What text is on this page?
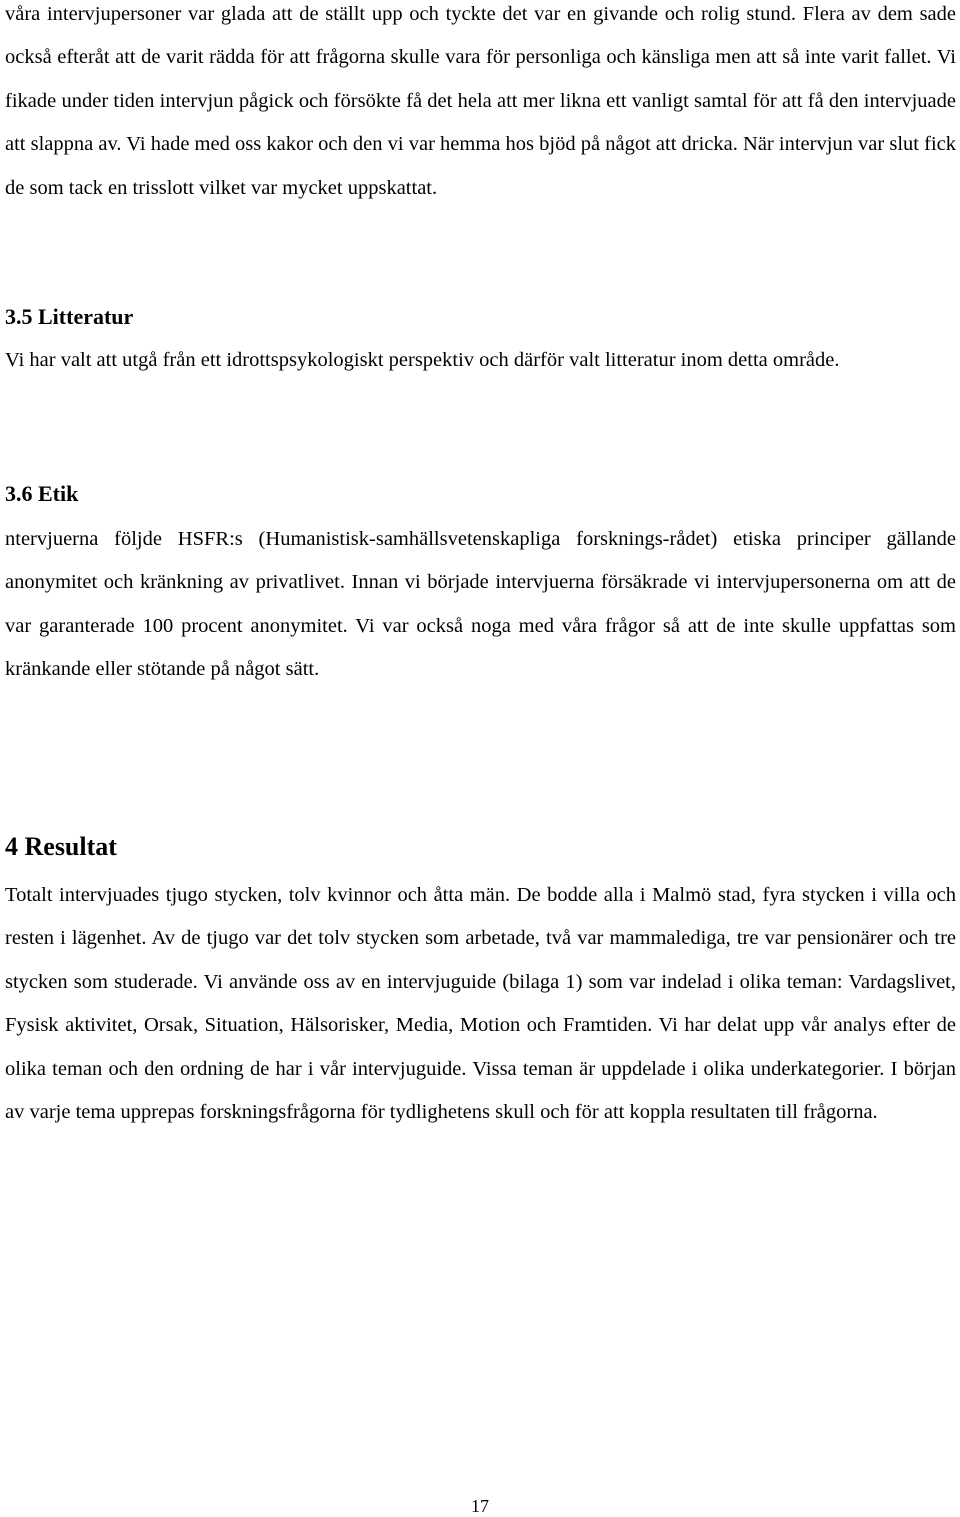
våra intervjupersoner var glada att de ställt upp och tyckte det var en givande och rolig stund. Flera av dem sade också efteråt att de varit rädda för att frågorna skulle vara för personliga och känsliga men att så inte varit fallet. Vi fikade under tiden intervjun pågick och försökte få det hela att mer likna ett vanligt samtal för att få den intervjuade att slappna av. Vi hade med oss kakor och den vi var hemma hos bjöd på något att dricka. När intervjun var slut fick de som tack en trisslott vilket var mycket uppskattat.

3.5 Litteratur

Vi har valt att utgå från ett idrottspsykologiskt perspektiv och därför valt litteratur inom detta område.

3.6 Etik

ntervjuerna följde HSFR:s (Humanistisk-samhällsvetenskapliga forsknings-rådet) etiska principer gällande anonymitet och kränkning av privatlivet. Innan vi började intervjuerna försäkrade vi intervjupersonerna om att de var garanterade 100 procent anonymitet. Vi var också noga med våra frågor så att de inte skulle uppfattas som kränkande eller stötande på något sätt.

4 Resultat

Totalt intervjuades tjugo stycken, tolv kvinnor och åtta män. De bodde alla i Malmö stad, fyra stycken i villa och resten i lägenhet. Av de tjugo var det tolv stycken som arbetade, två var mammalediga, tre var pensionärer och tre stycken som studerade. Vi använde oss av en intervjuguide (bilaga 1) som var indelad i olika teman: Vardagslivet, Fysisk aktivitet, Orsak, Situation, Hälsorisker, Media, Motion och Framtiden. Vi har delat upp vår analys efter de olika teman och den ordning de har i vår intervjuguide. Vissa teman är uppdelade i olika underkategorier. I början av varje tema upprepas forskningsfrågorna för tydlighetens skull och för att koppla resultaten till frågorna.

17
